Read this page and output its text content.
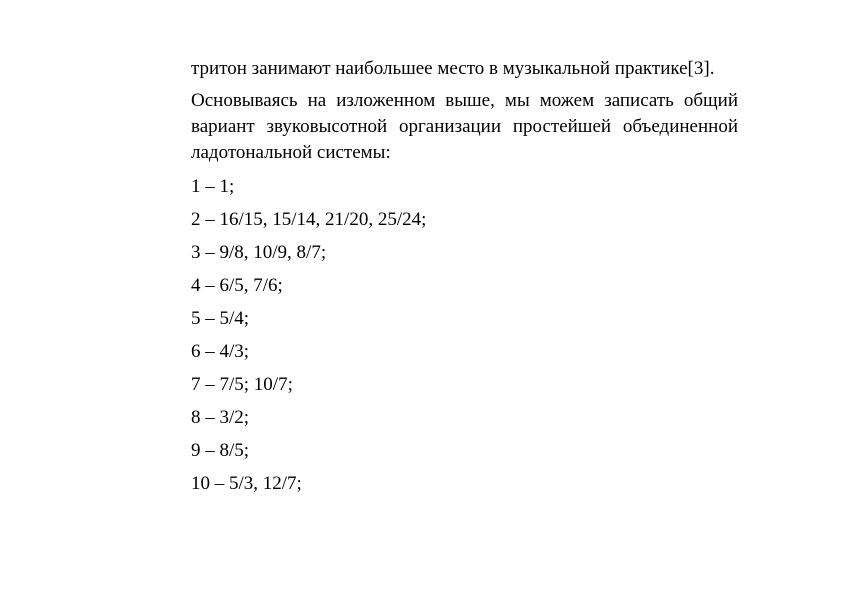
тритон занимают наибольшее место в музыкальной практике[3].

Основываясь на изложенном выше, мы можем записать общий вариант звуковысотной организации простейшей объединенной ладотональной системы:

1 – 1;
2 – 16/15, 15/14, 21/20, 25/24;
3 – 9/8, 10/9, 8/7;
4 – 6/5, 7/6;
5 – 5/4;
6 – 4/3;
7 – 7/5; 10/7;
8 – 3/2;
9 – 8/5;
10 – 5/3, 12/7;
